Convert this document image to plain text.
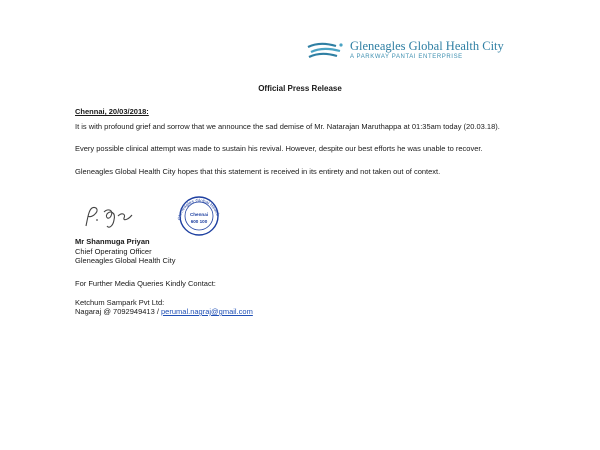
Gleneagles Global Health City
A PARKWAY PANTAI ENTERPRISE
Official Press Release
Chennai, 20/03/2018:

It is with profound grief and sorrow that we announce the sad demise of Mr. Natarajan Maruthappa at 01:35am today (20.03.18).

Every possible clinical attempt was made to sustain his revival. However, despite our best efforts he was unable to recover.

Gleneagles Global Health City hopes that this statement is received in its entirety and not taken out of context.

Gleneagles Global Health
Chennai
600 100
Mr Shanmuga Priyan
Chief Operating Officer
Gleneagles Global Health City
For Further Media Queries Kindly Contact:
Ketchum Sampark Pvt Ltd:
Nagaraj @ 7092949413 / perumal.nagraj@gmail.com
